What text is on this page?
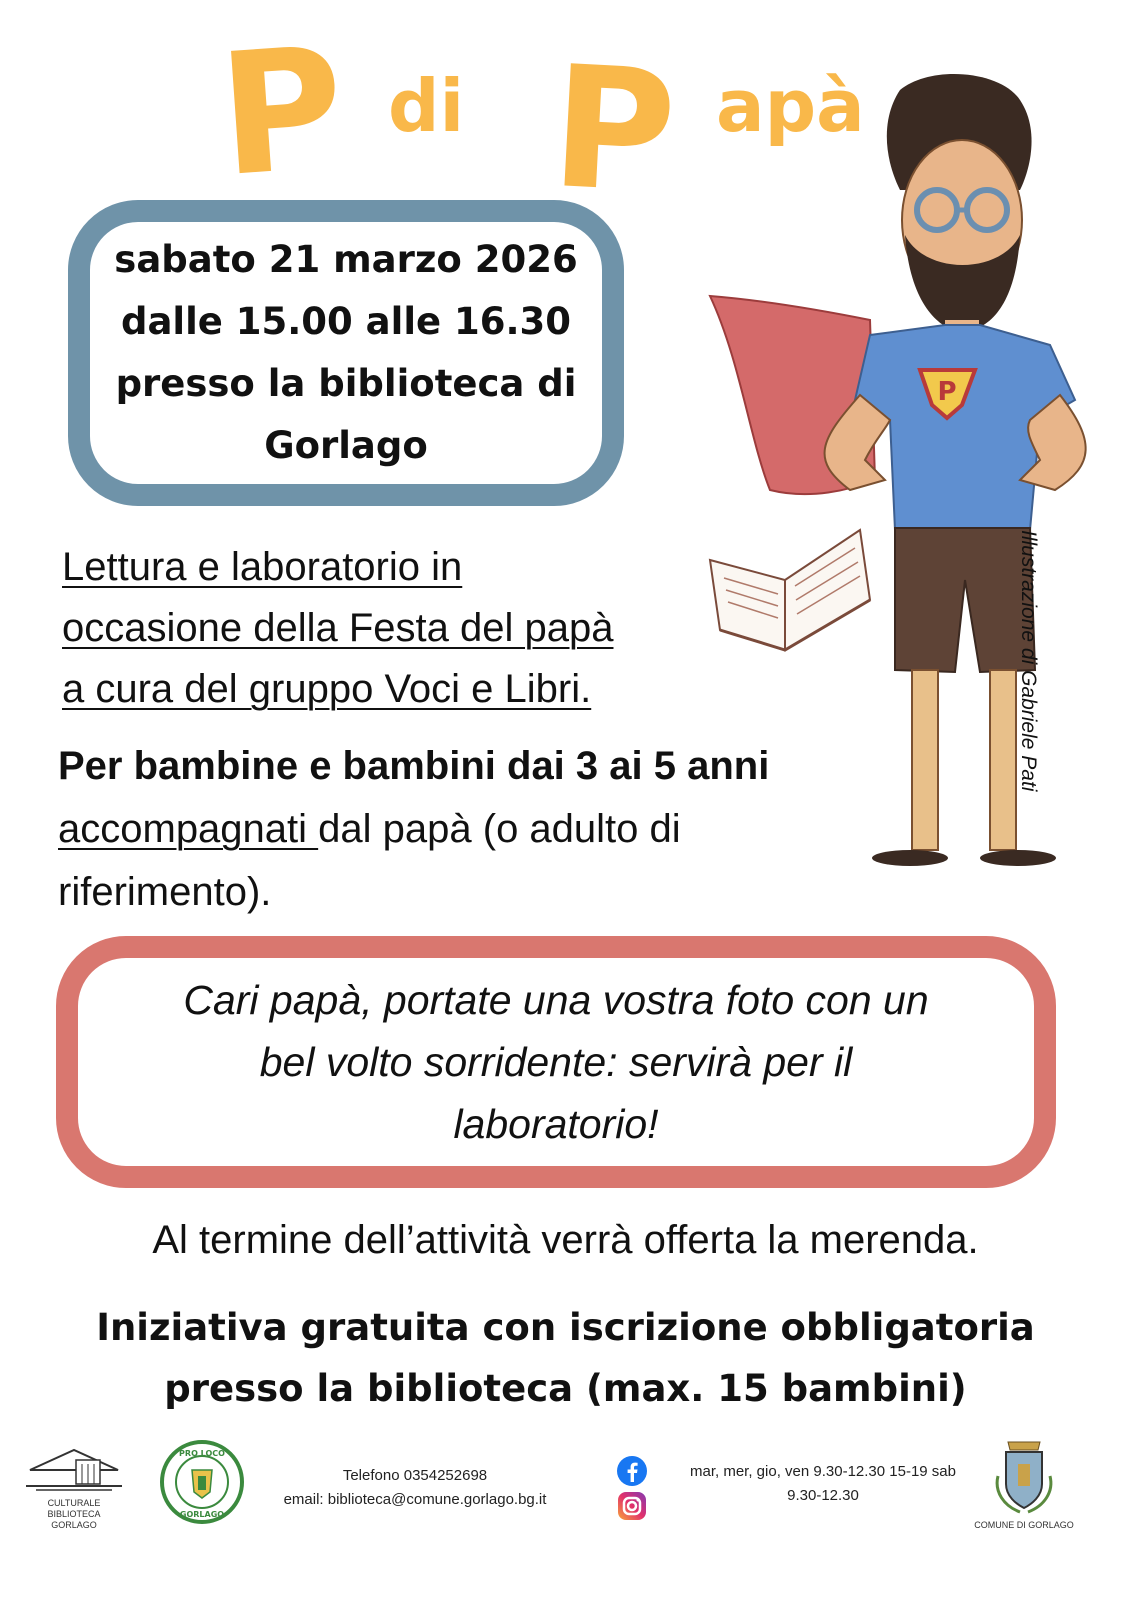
P di P apà
sabato 21 marzo 2026
dalle 15.00 alle 16.30
presso la biblioteca di
Gorlago
P
Illustrazione di Gabriele Pati
Lettura e laboratorio in
occasione della Festa del papà
a cura del gruppo Voci e Libri.
Per bambine e bambini dai 3 ai 5 anni accompagnati dal papà (o adulto di riferimento).
Cari papà, portate una vostra foto con un
bel volto sorridente: servirà per il
laboratorio!
Al termine dell’attività verrà offerta la merenda.
Iniziativa gratuita con iscrizione obbligatoria
presso la biblioteca (max. 15 bambini)
CULTURALE BIBLIOTECA
GORLAGO
PRO LOCO
GORLAGO
Telefono 0354252698
email: biblioteca@comune.gorlago.bg.it
mar, mer, gio, ven 9.30-12.30 15-19 sab
9.30-12.30
COMUNE DI GORLAGO
